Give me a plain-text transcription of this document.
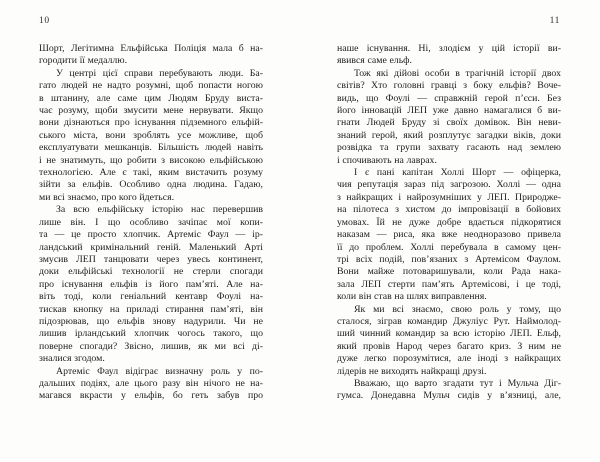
10
Шорт, Легітимна Ельфійська Поліція мала б на-
городити її медаллю.
У центрі цієї справи перебувають люди. Ба-
гато людей не надто розумні, щоб попасти ногою
в штанину, але саме цим Людям Бруду виста-
чає розуму, щоби змусити мене нервувати. Якщо
вони дізнаються про існування підземного ельфій-
ського міста, вони зроблять усе можливе, щоб
експлуатувати мешканців. Більшість людей навіть
і не знатимуть, що робити з високою ельфійською
технологією. Але є такі, яким вистачить розуму
зійти за ельфів. Особливо одна людина. Гадаю,
ми всі знаємо, про кого йдеться.
За всю ельфійську історію нас перевершив
лише він. І що особливо зачіпає мої копи-
та — це просто хлопчик. Артеміс Фаул — ір-
ландський кримінальний геній. Маленький Арті
змусив ЛЕП танцювати через увесь континент,
доки ельфійські технології не стерли спогади
про існування ельфів із його пам’яті. Але на-
віть тоді, коли геніальний кентавр Фоулі на-
тискав кнопку на приладі стирання пам’яті, він
підозрював, що ельфів знову надурили. Чи не
лишив ірландський хлопчик чогось такого, що
поверне спогади? Звісно, лишив, як ми всі ді-
зналися згодом.
Артеміс Фаул відіграє визначну роль у по-
дальших подіях, але цього разу він нічого не на-
магався вкрасти у ельфів, бо геть забув про
11
наше існування. Ні, злодієм у цій історії ви-
явився саме ельф.
Тож які дійові особи в трагічній історії двох
світів? Хто головні гравці з боку ельфів? Воче-
видь, що Фоулі — справжній герой п’єси. Без
його інновацій ЛЕП уже давно намагалися б ви-
гнати Людей Бруду зі своїх домівок. Він неви-
знаний герой, який розплутує загадки віків, доки
розвідка та групи захвату гасають над землею
і спочивають на лаврах.
І є пані капітан Холлі Шорт — офіцерка,
чия репутація зараз під загрозою. Холлі — одна
з найкращих і найрозумніших у ЛЕП. Природже-
на пілотеса з хистом до імпровізації в бойових
умовах. Їй не дуже добре вдається підкорятися
наказам — риса, яка вже неодноразово привела
її до проблем. Холлі перебувала в самому цен-
трі всіх подій, пов’язаних з Артемісом Фаулом.
Вони майже потоваришували, коли Рада нака-
зала ЛЕП стерти пам’ять Артемісові, і це тоді,
коли він став на шлях виправлення.
Як ми всі знаємо, свою роль у тому, що
сталося, зіграв командир Джуліус Рут. Наймолод-
ший чинний командир за всю історію ЛЕП. Ельф,
який провів Народ через багато криз. З ним не
дуже легко порозумітися, але іноді з найкращих
лідерів не виходять найкращі друзі.
Вважаю, що варто згадати тут і Мульча Діг-
гумса. Донедавна Мульч сидів у в’язниці, але,
